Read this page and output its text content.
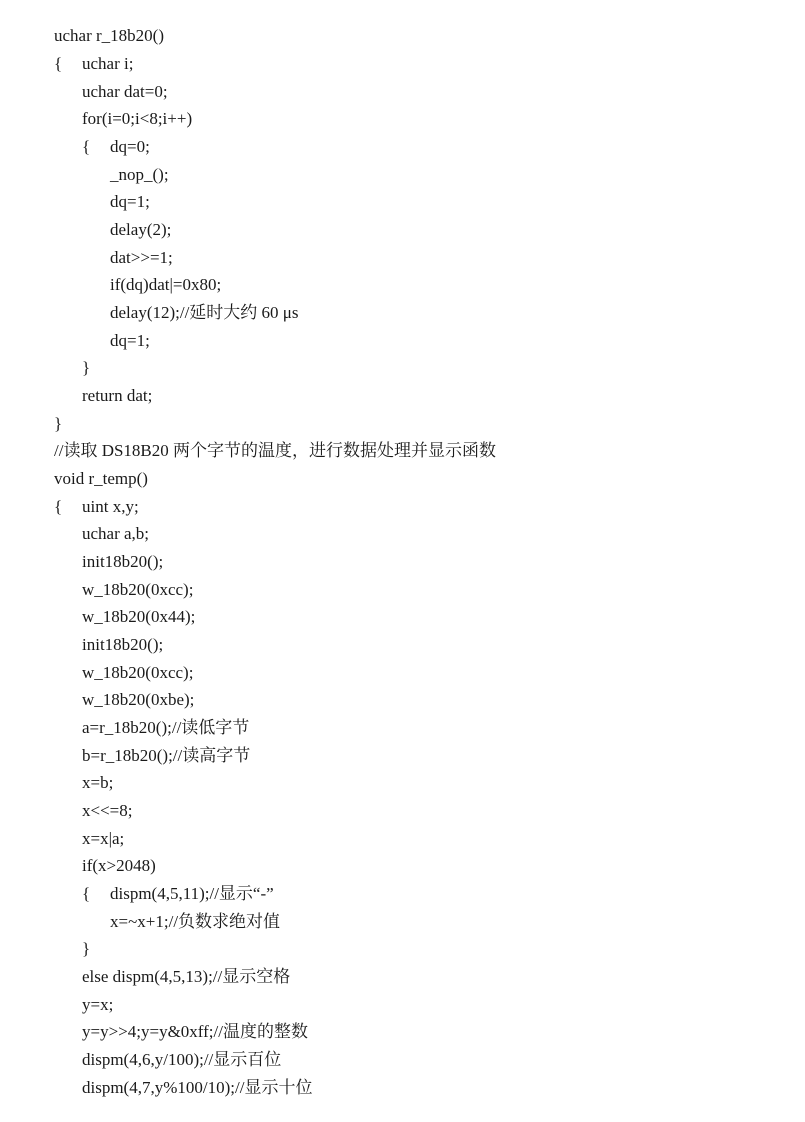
uchar r_18b20()
{ uchar i;
uchar dat=0;
for(i=0;i<8;i++)
{ dq=0;
_nop_();
dq=1;
delay(2);
dat>>=1;
if(dq)dat|=0x80;
delay(12);//延时大约 60 μs
dq=1;
}
return dat;
}
//读取 DS18B20 两个字节的温度，进行数据处理并显示函数
void r_temp()
{ uint x,y;
uchar a,b;
init18b20();
w_18b20(0xcc);
w_18b20(0x44);
init18b20();
w_18b20(0xcc);
w_18b20(0xbe);
a=r_18b20();//读低字节
b=r_18b20();//读高字节
x=b;
x<<=8;
x=x|a;
if(x>2048)
{ dispm(4,5,11);//显示“-”
x=~x+1;//负数求绝对值
}
else dispm(4,5,13);//显示空格
y=x;
y=y>>4;y=y&0xff;//温度的整数
dispm(4,6,y/100);//显示百位
dispm(4,7,y%100/10);//显示十位
